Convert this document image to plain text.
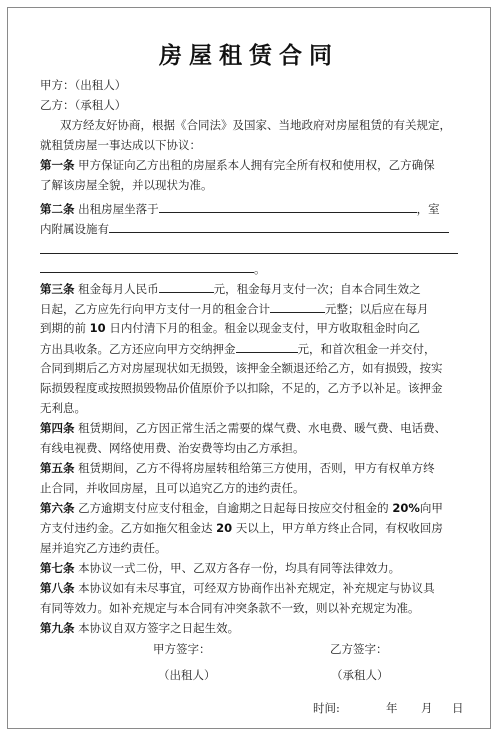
房屋租赁合同
甲方：（出租人）
乙方：（承租人）
双方经友好协商，根据《合同法》及国家、当地政府对房屋租赁的有关规定，
就租赁房屋一事达成以下协议：
第一条 甲方保证向乙方出租的房屋系本人拥有完全所有权和使用权，乙方确保
了解该房屋全貌，并以现状为准。
第二条 出租房屋坐落于	，室
内附属设施有
。
第三条 租金每月人民币	元，租金每月支付一次；自本合同生效之
日起，乙方应先行向甲方支付一月的租金合计	元整；以后应在每月
到期的前 10 日内付清下月的租金。租金以现金支付，甲方收取租金时向乙
方出具收条。乙方还应向甲方交纳押金	元，和首次租金一并交付，
合同到期后乙方对房屋现状如无损毁，该押金全额退还给乙方，如有损毁，按实
际损毁程度或按照损毁物品价值原价予以扣除，不足的，乙方予以补足。该押金
无利息。
第四条 租赁期间，乙方因正常生活之需要的煤气费、水电费、暖气费、电话费、
有线电视费、网络使用费、治安费等均由乙方承担。
第五条 租赁期间，乙方不得将房屋转租给第三方使用，否则，甲方有权单方终
止合同，并收回房屋，且可以追究乙方的违约责任。
第六条 乙方逾期支付应支付租金，自逾期之日起每日按应交付租金的 20%向甲
方支付违约金。乙方如拖欠租金达 20 天以上，甲方单方终止合同，有权收回房
屋并追究乙方违约责任。
第七条 本协议一式二份，甲、乙双方各存一份，均具有同等法律效力。
第八条 本协议如有未尽事宜，可经双方协商作出补充规定，补充规定与协议具
有同等效力。如补充规定与本合同有冲突条款不一致，则以补充规定为准。
第九条 本协议自双方签字之日起生效。
甲方签字：	乙方签字：
（出租人）	（承租人）
时间:	年 月 日
